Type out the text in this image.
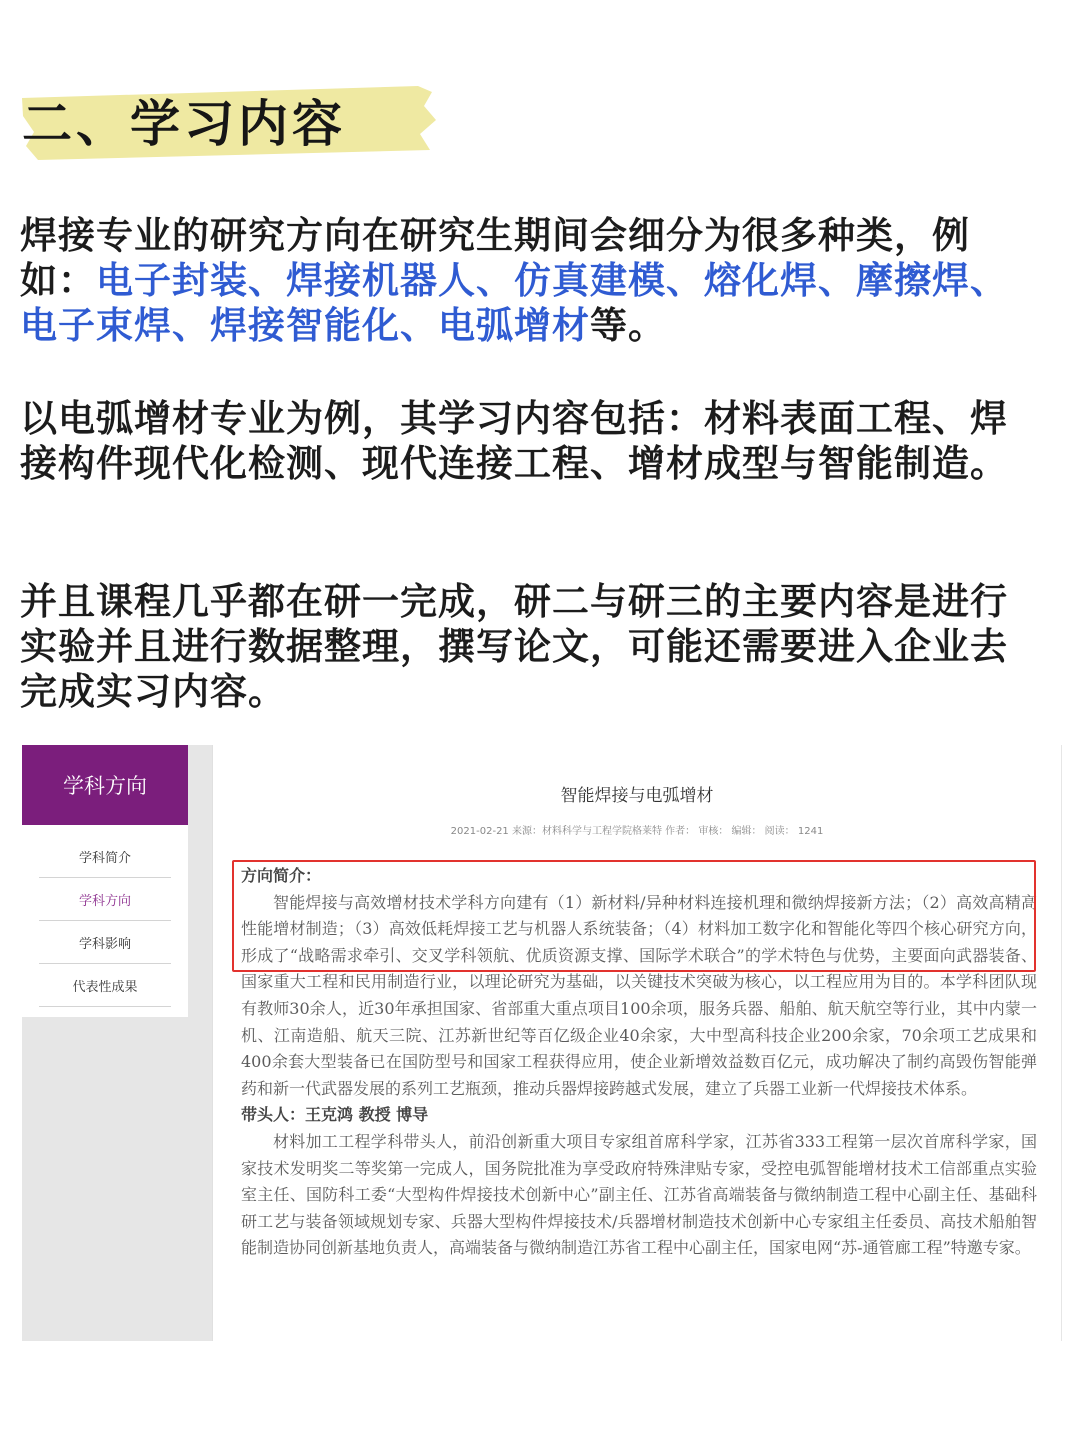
二、学习内容
焊接专业的研究方向在研究生期间会细分为很多种类，例如：电子封装、焊接机器人、仿真建模、熔化焊、摩擦焊、电子束焊、焊接智能化、电弧增材等。
以电弧增材专业为例，其学习内容包括：材料表面工程、焊接构件现代化检测、现代连接工程、增材成型与智能制造。
并且课程几乎都在研一完成，研二与研三的主要内容是进行实验并且进行数据整理，撰写论文，可能还需要进入企业去完成实习内容。
学科方向
学科简介
学科方向
学科影响
代表性成果
智能焊接与电弧增材
2021-02-21 来源：材料科学与工程学院格莱特 作者： 审核： 编辑： 阅读： 1241

方向简介：

智能焊接与高效增材技术学科方向建有（1）新材料/异种材料连接机理和微纳焊接新方法；（2）高效高精高性能增材制造；（3）高效低耗焊接工艺与机器人系统装备；（4）材料加工数字化和智能化等四个核心研究方向，形成了“战略需求牵引、交叉学科领航、优质资源支撑、国际学术联合”的学术特色与优势，主要面向武器装备、国家重大工程和民用制造行业，以理论研究为基础，以关键技术突破为核心，以工程应用为目的。本学科团队现有教师30余人，近30年承担国家、省部重大重点项目100余项，服务兵器、船舶、航天航空等行业，其中内蒙一机、江南造船、航天三院、江苏新世纪等百亿级企业40余家，大中型高科技企业200余家，70余项工艺成果和400余套大型装备已在国防型号和国家工程获得应用，使企业新增效益数百亿元，成功解决了制约高毁伤智能弹药和新一代武器发展的系列工艺瓶颈，推动兵器焊接跨越式发展，建立了兵器工业新一代焊接技术体系。

带头人：王克鸿 教授 博导

材料加工工程学科带头人，前沿创新重大项目专家组首席科学家，江苏省333工程第一层次首席科学家，国家技术发明奖二等奖第一完成人，国务院批准为享受政府特殊津贴专家，受控电弧智能增材技术工信部重点实验室主任、国防科工委“大型构件焊接技术创新中心”副主任、江苏省高端装备与微纳制造工程中心副主任、基础科研工艺与装备领域规划专家、兵器大型构件焊接技术/兵器增材制造技术创新中心专家组主任委员、高技术船舶智能制造协同创新基地负责人，高端装备与微纳制造江苏省工程中心副主任，国家电网“苏-通管廊工程”特邀专家。
